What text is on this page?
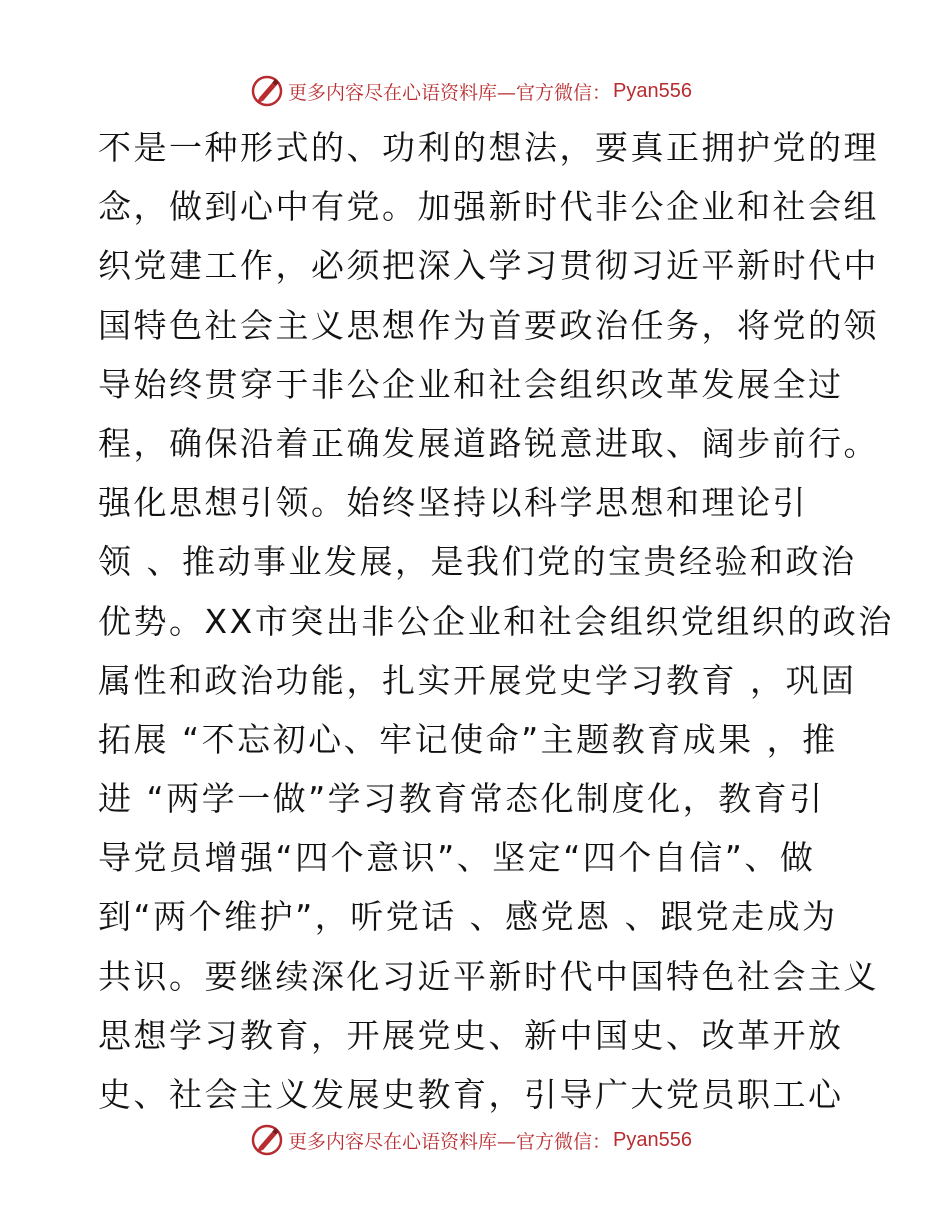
更多内容尽在心语资料库—官方微信： Pyan556
不是一种形式的、功利的想法，要真正拥护党的理
念，做到心中有党。加强新时代非公企业和社会组
织党建工作，必须把深入学习贯彻习近平新时代中
国特色社会主义思想作为首要政治任务，将党的领
导始终贯穿于非公企业和社会组织改革发展全过
程，确保沿着正确发展道路锐意进取、阔步前行。
强化思想引领。始终坚持以科学思想和理论引
领 、推动事业发展，是我们党的宝贵经验和政治
优势。XX市突出非公企业和社会组织党组织的政治
属性和政治功能，扎实开展党史学习教育 ，巩固
拓展 “不忘初心、牢记使命”主题教育成果 ，推
进 “两学一做”学习教育常态化制度化，教育引
导党员增强“四个意识”、坚定“四个自信”、做
到“两个维护”，听党话 、感党恩 、跟党走成为
共识。要继续深化习近平新时代中国特色社会主义
思想学习教育，开展党史、新中国史、改革开放
史、社会主义发展史教育，引导广大党员职工心
更多内容尽在心语资料库—官方微信： Pyan556
